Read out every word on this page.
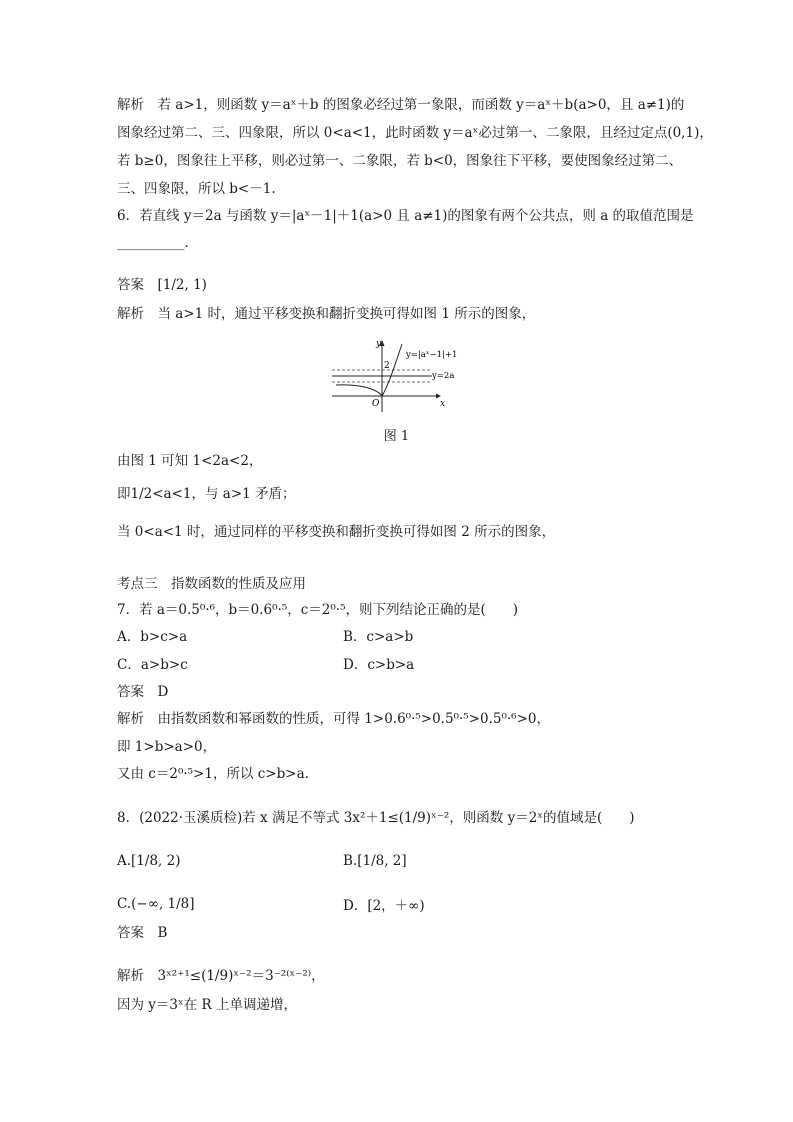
解析　若 a>1，则函数 y＝aˣ＋b 的图象必经过第一象限，而函数 y＝aˣ＋b(a>0，且 a≠1)的
图象经过第二、三、四象限，所以 0<a<1，此时函数 y＝aˣ必过第一、二象限，且经过定点(0,1)，
若 b≥0，图象往上平移，则必过第一、二象限，若 b<0，图象往下平移，要使图象经过第二、
三、四象限，所以 b<－1.
6．若直线 y＝2a 与函数 y＝|aˣ－1|＋1(a>0 且 a≠1)的图象有两个公共点，则 a 的取值范围是
__________.
答案　[1/2, 1)
解析　当 a>1 时，通过平移变换和翻折变换可得如图 1 所示的图象，
y
x
O
2
y=|aˣ−1|+1
y=2a
图 1
由图 1 可知 1<2a<2，
即1/2<a<1，与 a>1 矛盾；
当 0<a<1 时，通过同样的平移变换和翻折变换可得如图 2 所示的图象，
考点三　指数函数的性质及应用
7．若 a＝0.5⁰·⁶，b＝0.6⁰·⁵，c＝2⁰·⁵，则下列结论正确的是(　　)
A．b>c>a	B．c>a>b
C．a>b>c	D．c>b>a
答案　D
解析　由指数函数和幂函数的性质，可得 1>0.6⁰·⁵>0.5⁰·⁵>0.5⁰·⁶>0，
即 1>b>a>0，
又由 c＝2⁰·⁵>1，所以 c>b>a.
8．(2022·玉溪质检)若 x 满足不等式 3x²＋1≤(1/9)ˣ⁻²，则函数 y＝2ˣ的值域是(　　)
A.[1/8, 2)	B.[1/8, 2]
C.(−∞, 1/8]	D．[2，＋∞)
答案　B
解析　3ˣ²⁺¹≤(1/9)ˣ⁻²＝3⁻²⁽ˣ⁻²⁾，
因为 y＝3ˣ在 R 上单调递增，
